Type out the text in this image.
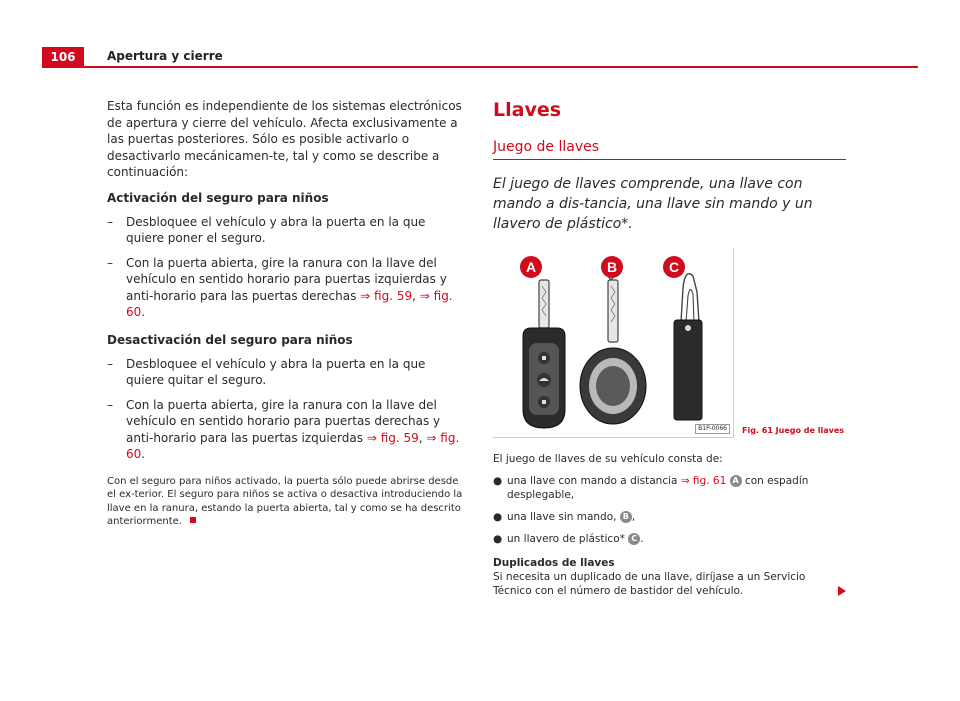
106	Apertura y cierre

Esta función es independiente de los sistemas electrónicos de apertura y cierre del vehículo. Afecta exclusivamente a las puertas posteriores. Sólo es posible activarlo o desactivarlo mecánicamen-te, tal y como se describe a continuación:

Activación del seguro para niños

– Desbloquee el vehículo y abra la puerta en la que quiere poner el seguro.
– Con la puerta abierta, gire la ranura con la llave del vehículo en sentido horario para puertas izquierdas y anti-horario para las puertas derechas ⇒ fig. 59, ⇒ fig. 60.

Desactivación del seguro para niños

– Desbloquee el vehículo y abra la puerta en la que quiere quitar el seguro.
– Con la puerta abierta, gire la ranura con la llave del vehículo en sentido horario para puertas derechas y anti-horario para las puertas izquierdas ⇒ fig. 59, ⇒ fig. 60.

Con el seguro para niños activado, la puerta sólo puede abrirse desde el ex-terior. El seguro para niños se activa o desactiva introduciendo la llave en la ranura, estando la puerta abierta, tal y como se ha descrito anteriormente.

Llaves

Juego de llaves

El juego de llaves comprende, una llave con mando a dis-tancia, una llave sin mando y un llavero de plástico*.

A	B	C
B1P-0066	Fig. 61 Juego de llaves

El juego de llaves de su vehículo consta de:

● una llave con mando a distancia ⇒ fig. 61 A con espadín desplegable,
● una llave sin mando, B ,
● un llavero de plástico* C .

Duplicados de llaves

Si necesita un duplicado de una llave, diríjase a un Servicio Técnico con el número de bastidor del vehículo.
